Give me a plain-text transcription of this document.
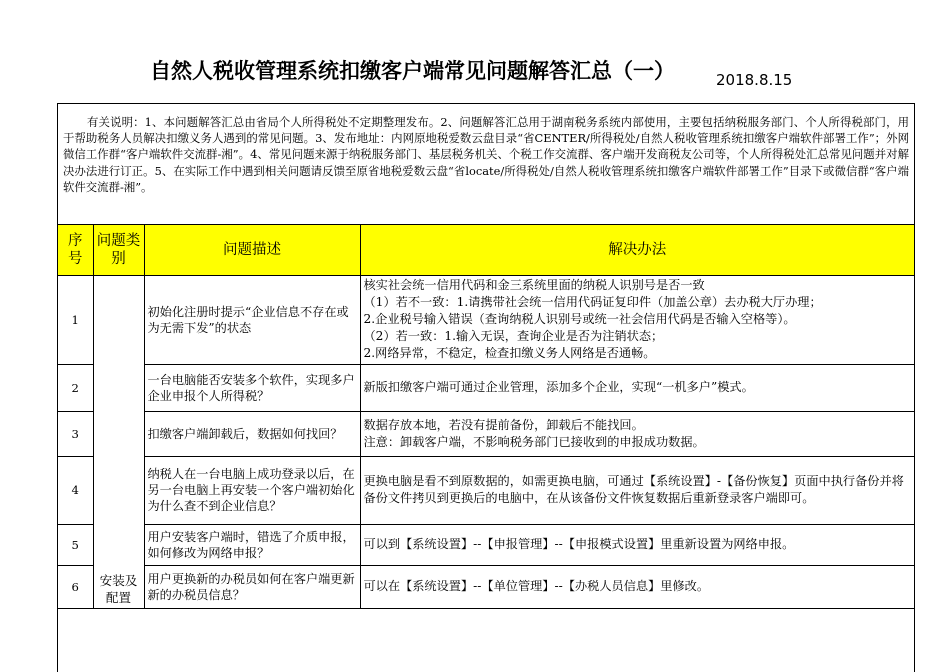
自然人税收管理系统扣缴客户端常见问题解答汇总（一）	2018.8.15
有关说明：1、本问题解答汇总由省局个人所得税处不定期整理发布。2、问题解答汇总用于湖南税务系统内部使用，主要包括纳税服务部门、个人所得税部门，用于帮助税务人员解决扣缴义务人遇到的常见问题。3、发布地址：内网原地税爱数云盘目录“省CENTER/所得税处/自然人税收管理系统扣缴客户端软件部署工作”；外网微信工作群“客户端软件交流群-湘”。4、常见问题来源于纳税服务部门、基层税务机关、个税工作交流群、客户端开发商税友公司等，个人所得税处汇总常见问题并对解决办法进行订正。5、在实际工作中遇到相关问题请反馈至原省地税爱数云盘“省locate/所得税处/自然人税收管理系统扣缴客户端软件部署工作”目录下或微信群“客户端软件交流群-湘”。
序号	问题类别	问题描述	解决办法
1	安装及配置	初始化注册时提示“企业信息不存在或为无需下发”的状态	核实社会统一信用代码和金三系统里面的纳税人识别号是否一致
（1）若不一致：1.请携带社会统一信用代码证复印件（加盖公章）去办税大厅办理；
2.企业税号输入错误（查询纳税人识别号或统一社会信用代码是否输入空格等）。
（2）若一致：1.输入无误，查询企业是否为注销状态；
2.网络异常，不稳定，检查扣缴义务人网络是否通畅。

2		一台电脑能否安装多个软件，实现多户企业申报个人所得税？	新版扣缴客户端可通过企业管理，添加多个企业，实现“一机多户”模式。

3		扣缴客户端卸载后，数据如何找回？	数据存放本地，若没有提前备份，卸载后不能找回。
注意：卸载客户端，不影响税务部门已接收到的申报成功数据。

4		纳税人在一台电脑上成功登录以后，在另一台电脑上再安装一个客户端初始化为什么查不到企业信息？	更换电脑是看不到原数据的，如需更换电脑，可通过【系统设置】-【备份恢复】页面中执行备份并将备份文件拷贝到更换后的电脑中，在从该备份文件恢复数据后重新登录客户端即可。

5		用户安装客户端时，错选了介质申报，如何修改为网络申报？	可以到【系统设置】--【申报管理】--【申报模式设置】里重新设置为网络申报。

6		用户更换新的办税员如何在客户端更新新的办税员信息？	可以在【系统设置】--【单位管理】--【办税人员信息】里修改。
